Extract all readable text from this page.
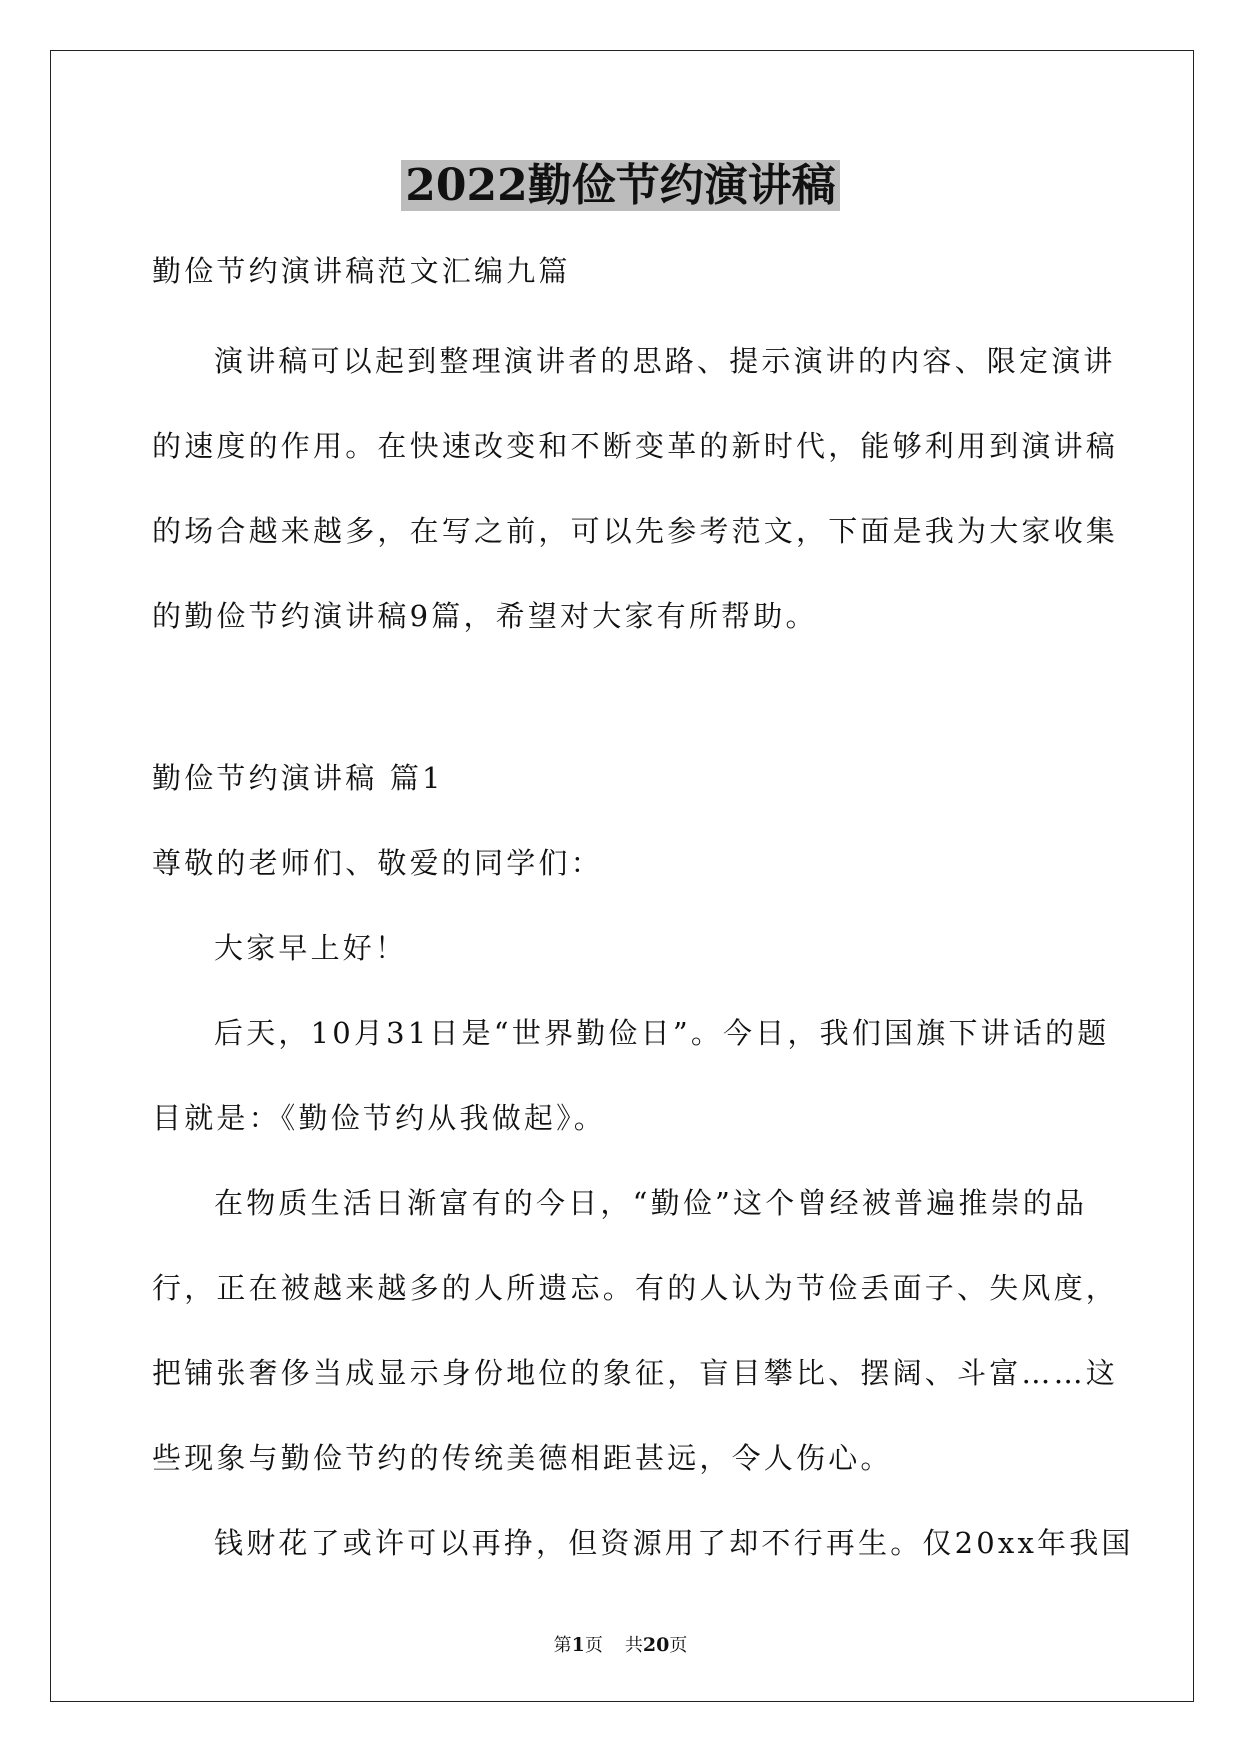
2022勤俭节约演讲稿
勤俭节约演讲稿范文汇编九篇
演讲稿可以起到整理演讲者的思路、提示演讲的内容、限定演讲
的速度的作用。在快速改变和不断变革的新时代，能够利用到演讲稿
的场合越来越多，在写之前，可以先参考范文，下面是我为大家收集
的勤俭节约演讲稿9篇，希望对大家有所帮助。
勤俭节约演讲稿 篇1
尊敬的老师们、敬爱的同学们：
大家早上好！
后天，10月31日是“世界勤俭日”。今日，我们国旗下讲话的题
目就是：《勤俭节约从我做起》。
在物质生活日渐富有的今日，“勤俭”这个曾经被普遍推崇的品
行，正在被越来越多的人所遗忘。有的人认为节俭丢面子、失风度，
把铺张奢侈当成显示身份地位的象征，盲目攀比、摆阔、斗富……这
些现象与勤俭节约的传统美德相距甚远，令人伤心。
钱财花了或许可以再挣，但资源用了却不行再生。仅20xx年我国
第1页 共20页
